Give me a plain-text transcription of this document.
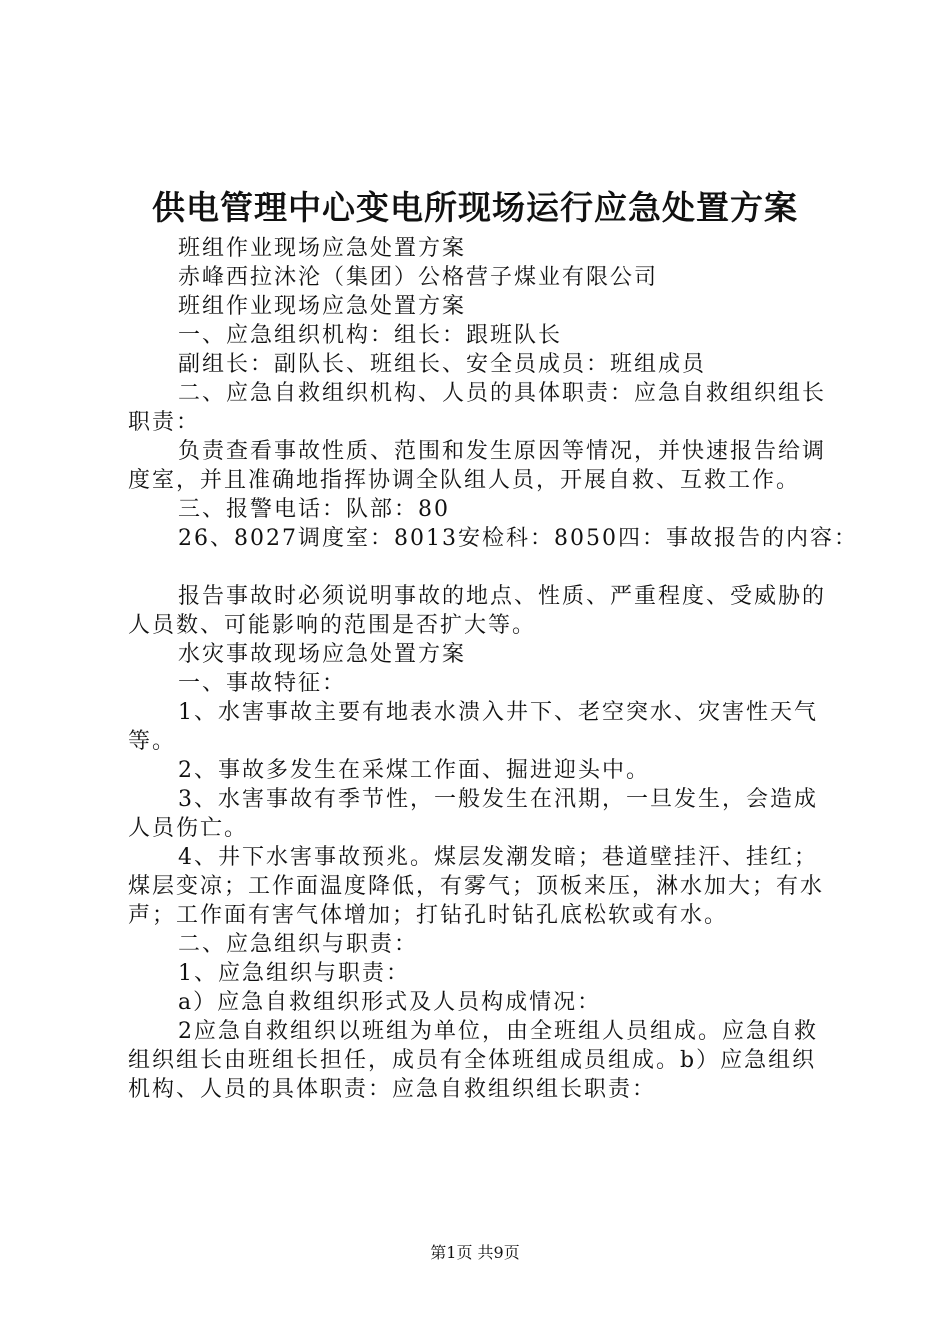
供电管理中心变电所现场运行应急处置方案

班组作业现场应急处置方案

赤峰西拉沐沦（集团）公格营子煤业有限公司

班组作业现场应急处置方案

一、应急组织机构：组长：跟班队长

副组长：副队长、班组长、安全员成员：班组成员

二、应急自救组织机构、人员的具体职责：应急自救组织组长职责：

负责查看事故性质、范围和发生原因等情况，并快速报告给调度室，并且准确地指挥协调全队组人员，开展自救、互救工作。

三、报警电话：队部：80

26、8027调度室：8013安检科：8050四：事故报告的内容：

报告事故时必须说明事故的地点、性质、严重程度、受威胁的人员数、可能影响的范围是否扩大等。

水灾事故现场应急处置方案

一、事故特征：

1、水害事故主要有地表水溃入井下、老空突水、灾害性天气等。

2、事故多发生在采煤工作面、掘进迎头中。

3、水害事故有季节性，一般发生在汛期，一旦发生，会造成人员伤亡。

4、井下水害事故预兆。煤层发潮发暗；巷道壁挂汗、挂红；煤层变凉；工作面温度降低，有雾气；顶板来压，淋水加大；有水声；工作面有害气体增加；打钻孔时钻孔底松软或有水。

二、应急组织与职责：

1、应急组织与职责：

a）应急自救组织形式及人员构成情况：

2应急自救组织以班组为单位，由全班组人员组成。应急自救组织组长由班组长担任，成员有全体班组成员组成。b）应急组织机构、人员的具体职责：应急自救组织组长职责：

第1页 共9页
